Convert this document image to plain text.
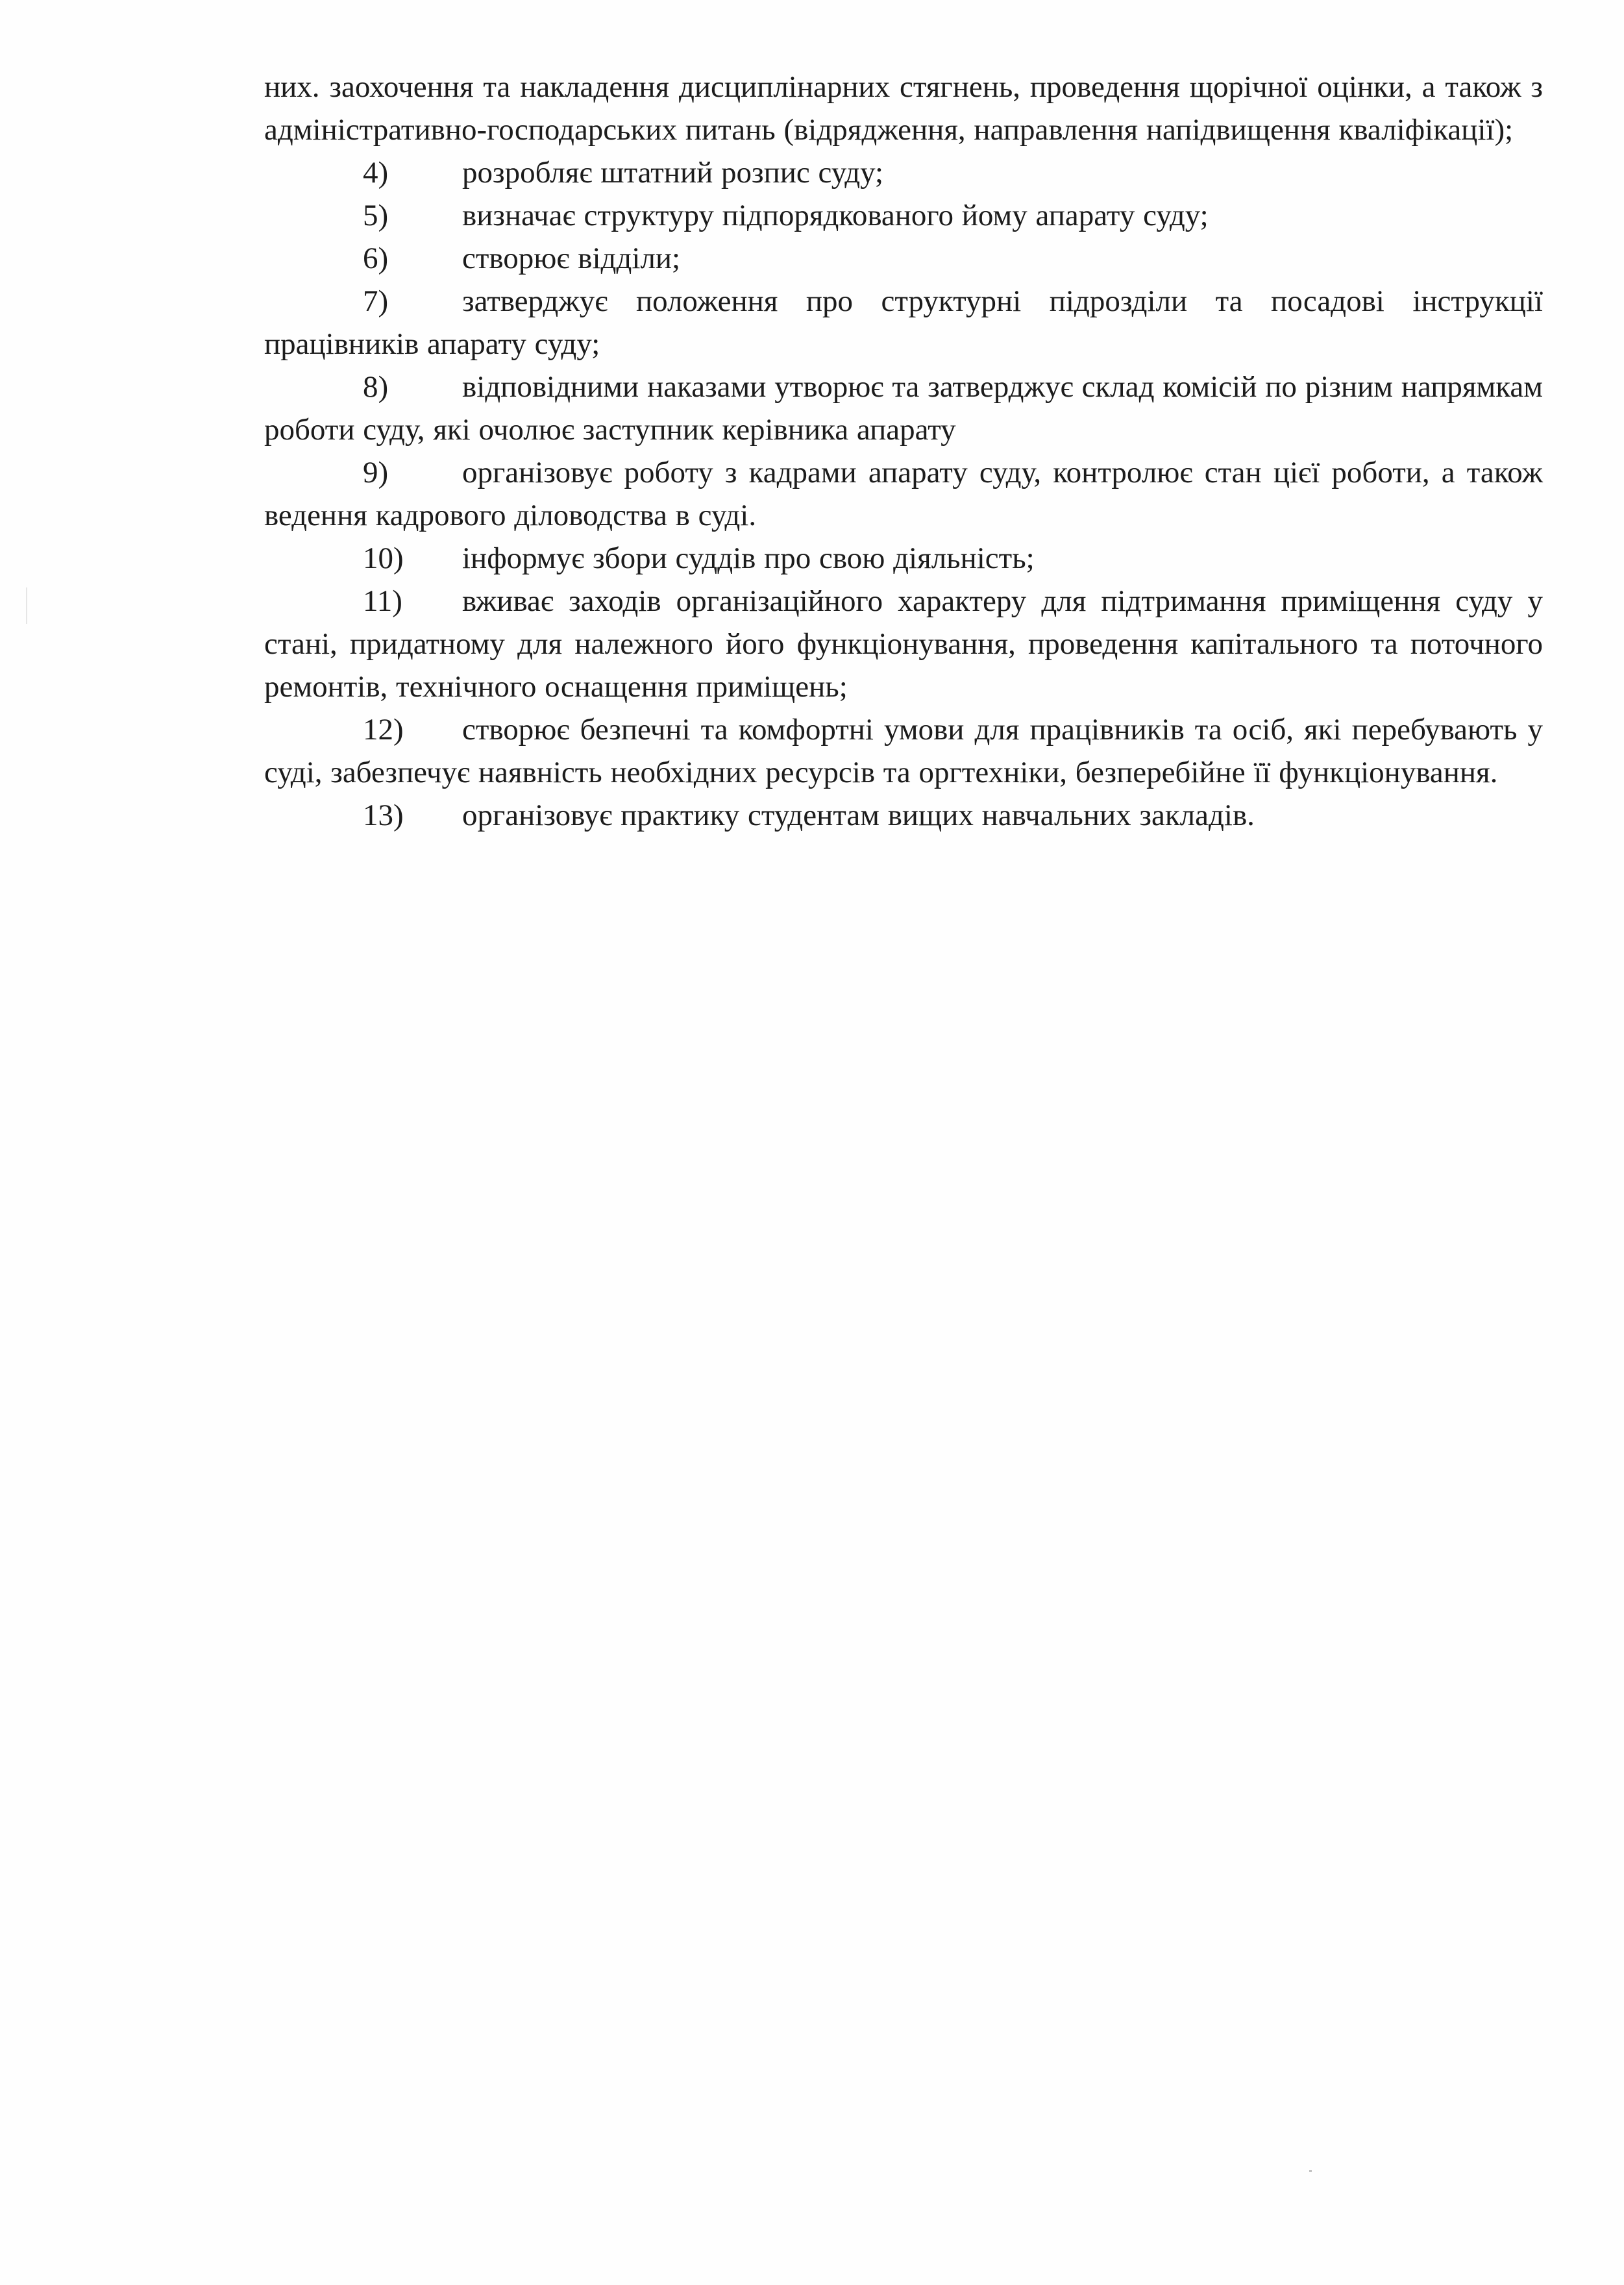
них. заохочення та накладення дисциплінарних стягнень, проведення щорічної оцінки, а також з адміністративно-господарських питань (відрядження, направлення напідвищення кваліфікації);

4) розробляє штатний розпис суду;

5) визначає структуру підпорядкованого йому апарату суду;

6) створює відділи;

7) затверджує положення про структурні підрозділи та посадові інструкції працівників апарату суду;

8) відповідними наказами утворює та затверджує склад комісій по різним напрямкам роботи суду, які очолює заступник керівника апарату

9) організовує роботу з кадрами апарату суду, контролює стан цієї роботи, а також ведення кадрового діловодства в суді.

10) інформує збори суддів про свою діяльність;

11) вживає заходів організаційного характеру для підтримання приміщення суду у стані, придатному для належного його функціонування, проведення капітального та поточного ремонтів, технічного оснащення приміщень;

12) створює безпечні та комфортні умови для працівників та осіб, які перебувають у суді, забезпечує наявність необхідних ресурсів та оргтехніки, безперебійне її функціонування.

13) організовує практику студентам вищих навчальних закладів.
